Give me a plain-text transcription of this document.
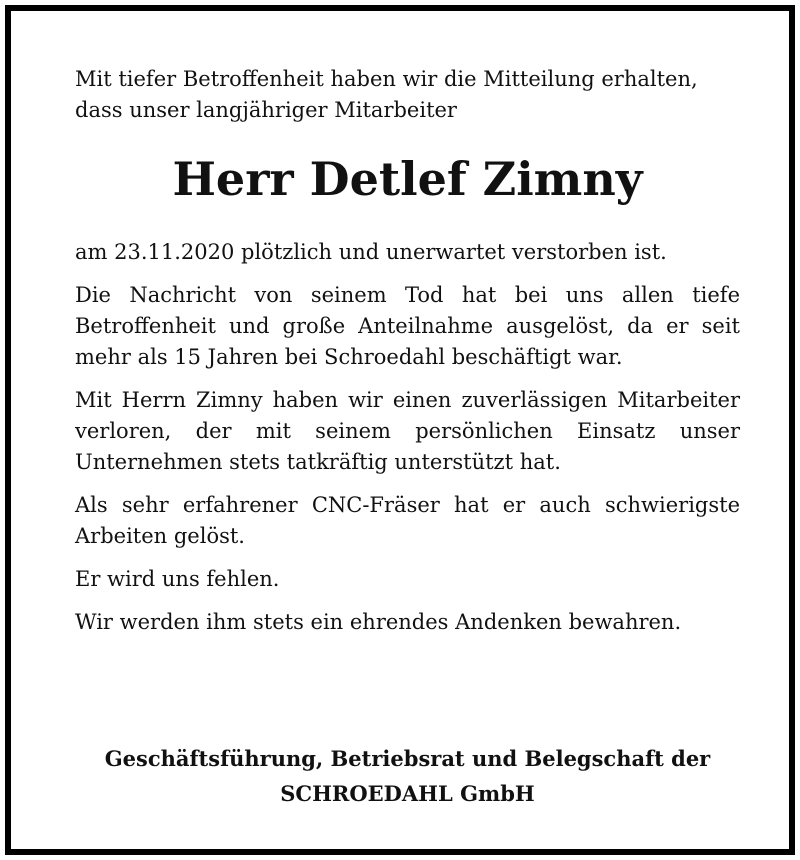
Mit tiefer Betroffenheit haben wir die Mitteilung erhalten,
dass unser langjähriger Mitarbeiter

Herr Detlef Zimny

am 23.11.2020 plötzlich und unerwartet verstorben ist.

Die Nachricht von seinem Tod hat bei uns allen tiefe Betroffenheit und große Anteilnahme ausgelöst, da er seit mehr als 15 Jahren bei Schroedahl beschäftigt war.

Mit Herrn Zimny haben wir einen zuverlässigen Mitarbeiter verloren, der mit seinem persönlichen Einsatz unser Unternehmen stets tatkräftig unterstützt hat.

Als sehr erfahrener CNC-Fräser hat er auch schwierigste Arbeiten gelöst.

Er wird uns fehlen.

Wir werden ihm stets ein ehrendes Andenken bewahren.

Geschäftsführung, Betriebsrat und Belegschaft der
SCHROEDAHL GmbH
